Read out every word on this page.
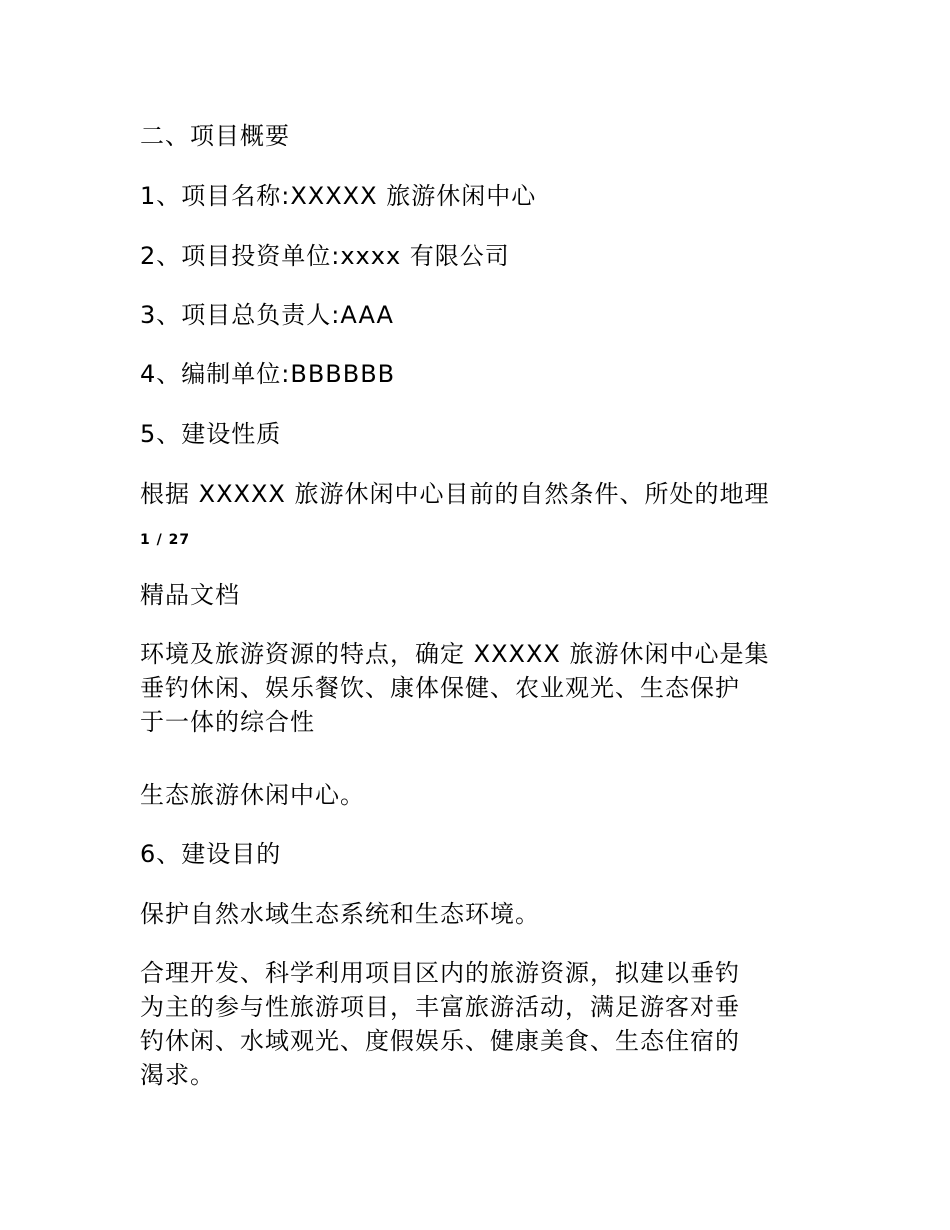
二、项目概要
1、项目名称:XXXXX 旅游休闲中心
2、项目投资单位:xxxx 有限公司
3、项目总负责人:AAA
4、编制单位:BBBBBB
5、建设性质
根据 XXXXX 旅游休闲中心目前的自然条件、所处的地理
1 / 27
精品文档
环境及旅游资源的特点，确定 XXXXX 旅游休闲中心是集
垂钓休闲、娱乐餐饮、康体保健、农业观光、生态保护
于一体的综合性
生态旅游休闲中心。
6、建设目的
保护自然水域生态系统和生态环境。
合理开发、科学利用项目区内的旅游资源，拟建以垂钓
为主的参与性旅游项目，丰富旅游活动，满足游客对垂
钓休闲、水域观光、度假娱乐、健康美食、生态住宿的
渴求。
